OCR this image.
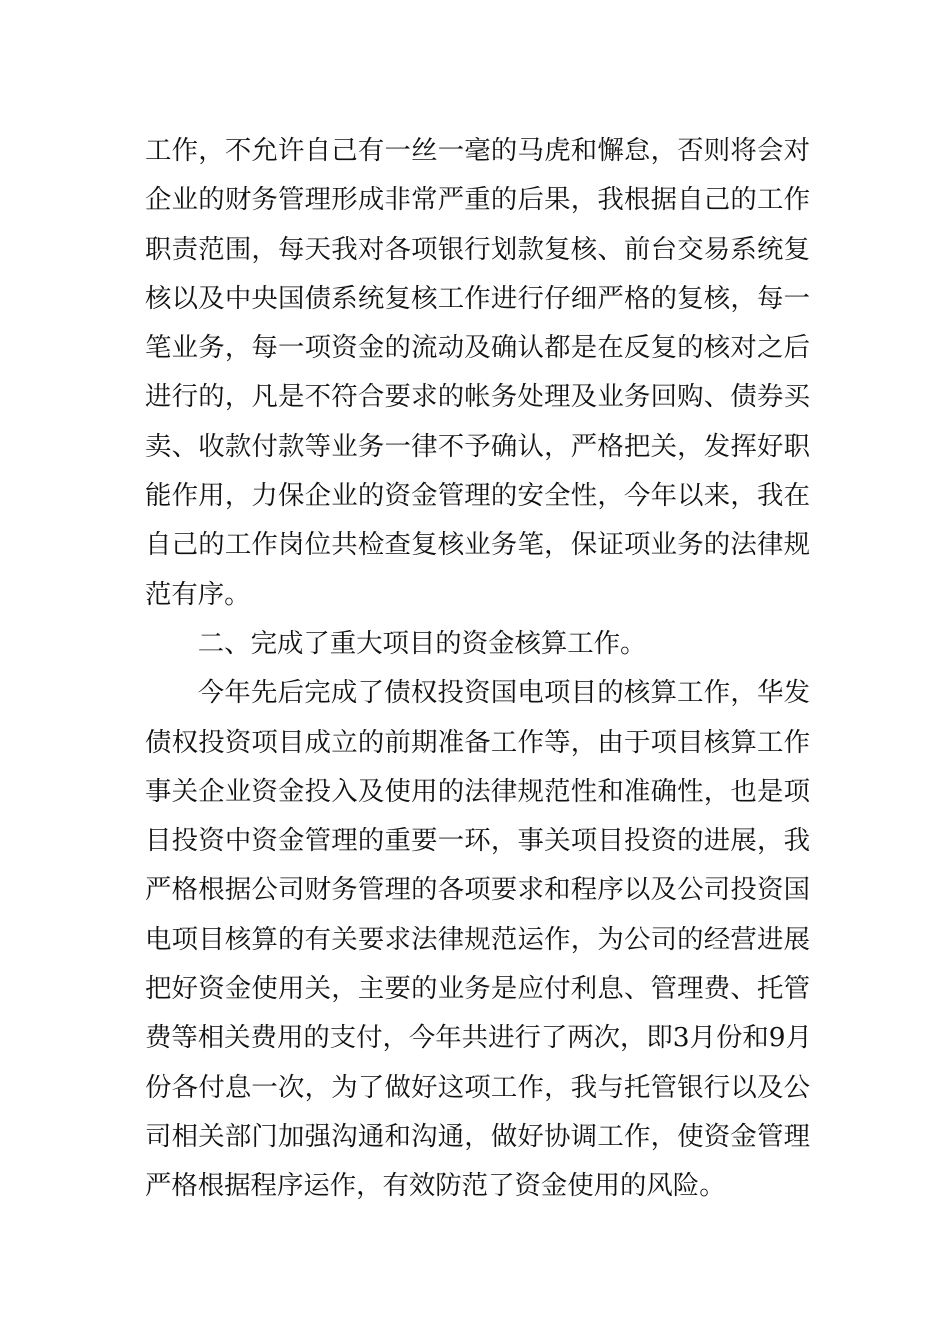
工作，不允许自己有一丝一毫的马虎和懈怠，否则将会对
企业的财务管理形成非常严重的后果，我根据自己的工作
职责范围，每天我对各项银行划款复核、前台交易系统复
核以及中央国债系统复核工作进行仔细严格的复核，每一
笔业务，每一项资金的流动及确认都是在反复的核对之后
进行的，凡是不符合要求的帐务处理及业务回购、债券买
卖、收款付款等业务一律不予确认，严格把关，发挥好职
能作用，力保企业的资金管理的安全性，今年以来，我在
自己的工作岗位共检查复核业务笔，保证项业务的法律规
范有序。

二、完成了重大项目的资金核算工作。

今年先后完成了债权投资国电项目的核算工作，华发
债权投资项目成立的前期准备工作等，由于项目核算工作
事关企业资金投入及使用的法律规范性和准确性，也是项
目投资中资金管理的重要一环，事关项目投资的进展，我
严格根据公司财务管理的各项要求和程序以及公司投资国
电项目核算的有关要求法律规范运作，为公司的经营进展
把好资金使用关，主要的业务是应付利息、管理费、托管
费等相关费用的支付，今年共进行了两次，即3月份和9月
份各付息一次，为了做好这项工作，我与托管银行以及公
司相关部门加强沟通和沟通，做好协调工作，使资金管理
严格根据程序运作，有效防范了资金使用的风险。
